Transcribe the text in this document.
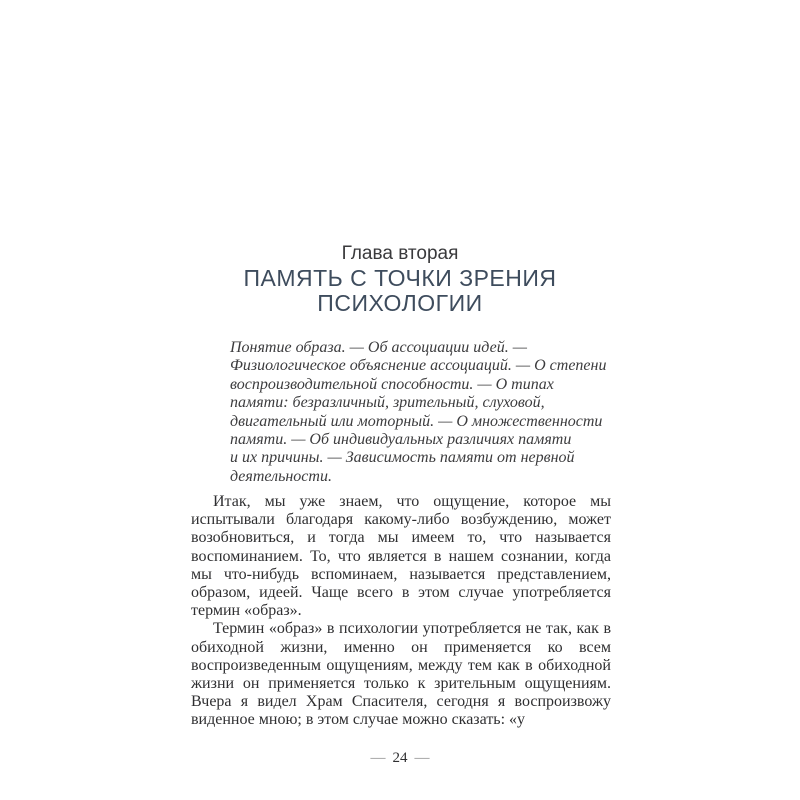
Глава вторая
ПАМЯТЬ С ТОЧКИ ЗРЕНИЯ
ПСИХОЛОГИИ
Понятие образа. — Об ассоциации идей. —
Физиологическое объяснение ассоциаций. — О степени
воспроизводительной способности. — О типах
памяти: безразличный, зрительный, слуховой,
двигательный или моторный. — О множественности
памяти. — Об индивидуальных различиях памяти
и их причины. — Зависимость памяти от нервной
деятельности.

Итак, мы уже знаем, что ощущение, которое мы испытывали благодаря какому-либо возбуждению, может возобновиться, и тогда мы имеем то, что называется воспоминанием. То, что является в нашем сознании, когда мы что-нибудь вспоминаем, называется представлением, образом, идеей. Чаще всего в этом случае употребляется термин «образ».

Термин «образ» в психологии употребляется не так, как в обиходной жизни, именно он применяется ко всем воспроизведенным ощущениям, между тем как в обиходной жизни он применяется только к зрительным ощущениям. Вчера я видел Храм Спасителя, сегодня я воспроизвожу виденное мною; в этом случае можно сказать: «у

— 24 —
